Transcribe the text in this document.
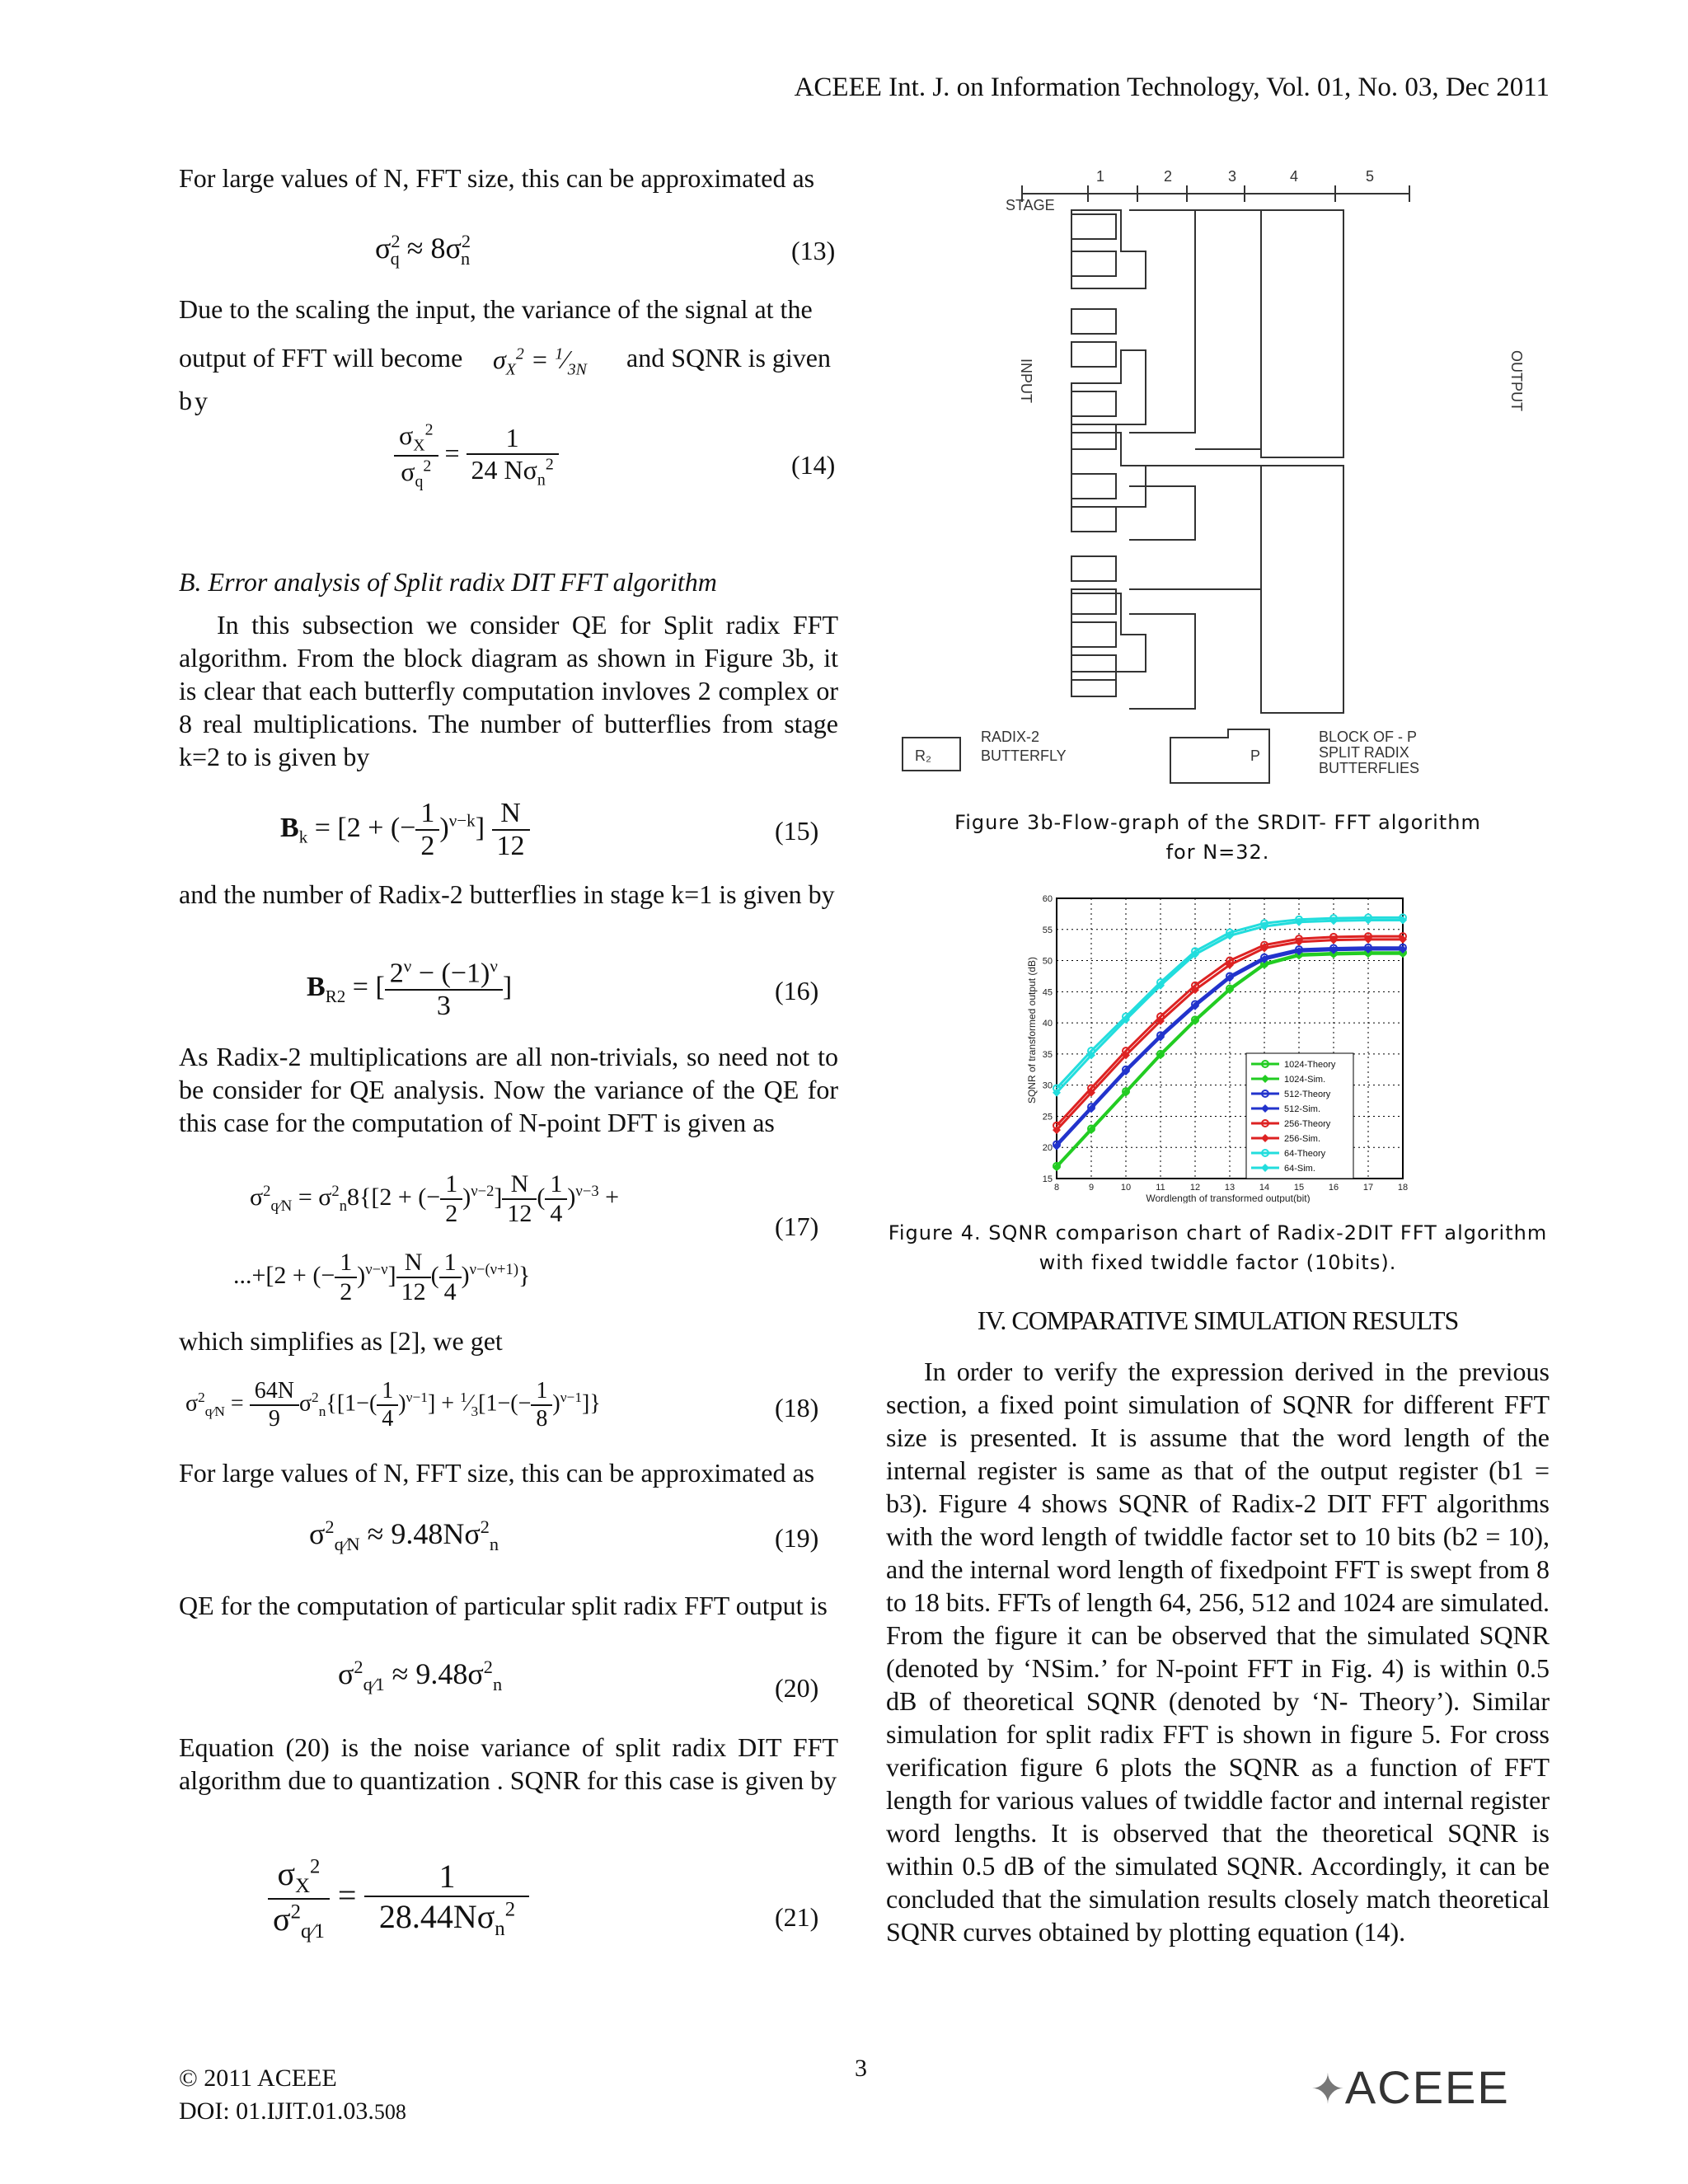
ACEEE Int. J. on Information Technology, Vol. 01, No. 03, Dec 2011

For large values of N, FFT size, this can be approximated as

$\sigma^2_q \approx 8\sigma^2_n$	(13)

Due to the scaling the input, the variance of the signal at the

output of FFT will become $\sigma_X^2$ = $^1⁄_{3N}$ and SQNR is given
by
$\frac{\sigma_X^2}{\sigma_q^2} = \frac{1}{24 N\sigma_n^2}$	(14)
B. Error analysis of Split radix DIT FFT algorithm

In this subsection we consider QE for Split radix FFT algorithm. From the block diagram as shown in Figure 3b, it is clear that each butterfly computation invloves 2 complex or 8 real multiplications. The number of butterflies from stage k=2 to is given by

$B_k = [2$ + (− $\frac{1}{2} )^{\nu-k}] \frac{N}{12}$	(15)

and the number of Radix-2 butterflies in stage k=1 is given by

$B_{R2}$ = [ $\frac{2^\nu - (-1)^\nu}{3}$ ]	(16)

As Radix-2 multiplications are all non-trivials, so need not to be consider for QE analysis. Now the variance of the QE for this case for the computation of N-point DFT is given as

$\sigma^2_{q⁄N} = \sigma^2_n8\{[2$ + (− $\frac{1}{2} )^{\nu-2}] \frac{N}{12}$ ( $\frac{1}{4} )^{\nu-3}$ +
...+[2 + (− $\frac{1}{2} )^{\nu-\nu}] \frac{N}{12}$ ( $\frac{1}{4} )^{\nu-(\nu+1)}$}
(17)

which simplifies as [2], we get

$\sigma^2_{q⁄N} = \frac{64N}{9} \sigma^2_n\{[1-( \frac{1}{4} )^{\nu-1}]$ + $^1⁄_3[1-(- \frac{1}{8} )^{\nu-1}]$}	(18)

For large values of N, FFT size, this can be approximated as

$\sigma^2_{q⁄N} \approx 9.48N\sigma^2_n$	(19)

QE for the computation of particular split radix FFT output is

$\sigma^2_{q⁄1} \approx 9.48\sigma^2_n$	(20)

Equation (20) is the noise variance of split radix DIT FFT algorithm due to quantization . SQNR for this case is given by

$\frac{\sigma_X^2}{\sigma^2_{q⁄1}} = \frac{1}{28.44N\sigma_n^2}$	(21)
STAGE
1	2	3	4	5
INPUT	OUTPUT
R₂
RADIX-2
BUTTERFLY	P
BLOCK OF - P
SPLIT RADIX
BUTTERFLIES
Figure 3b-Flow-graph of the SRDIT- FFT algorithm
for N=32.
8	9	10	11	12	13	14	15	16	17	18
15
20
25
30
35
40
45
50
55
60
1024-Theory
1024-Sim.
512-Theory
512-Sim.
256-Theory
256-Sim.
64-Theory
64-Sim.
Wordlength of transformed output(bit)
SQNR of transformed output (dB)
Figure 4. SQNR comparison chart of Radix-2DIT FFT algorithm
with fixed twiddle factor (10bits).
IV. COMPARATIVE SIMULATION RESULTS

In order to verify the expression derived in the previous section, a fixed point simulation of SQNR for different FFT size is presented. It is assume that the word length of the internal register is same as that of the output register (b1 = b3). Figure 4 shows SQNR of Radix-2 DIT FFT algorithms with the word length of twiddle factor set to 10 bits (b2 = 10), and the internal word length of fixedpoint FFT is swept from 8 to 18 bits. FFTs of length 64, 256, 512 and 1024 are simulated. From the figure it can be observed that the simulated SQNR (denoted by ‘NSim.’ for N-point FFT in Fig. 4) is within 0.5 dB of theoretical SQNR (denoted by ‘N- Theory’). Similar simulation for split radix FFT is shown in figure 5. For cross verification figure 6 plots the SQNR as a function of FFT length for various values of twiddle factor and internal register word lengths. It is observed that the theoretical SQNR is within 0.5 dB of the simulated SQNR. Accordingly, it can be concluded that the simulation results closely match theoretical SQNR curves obtained by plotting equation (14).

© 2011 ACEEE
DOI: 01.IJIT.01.03.508
3	✦ACEEE
